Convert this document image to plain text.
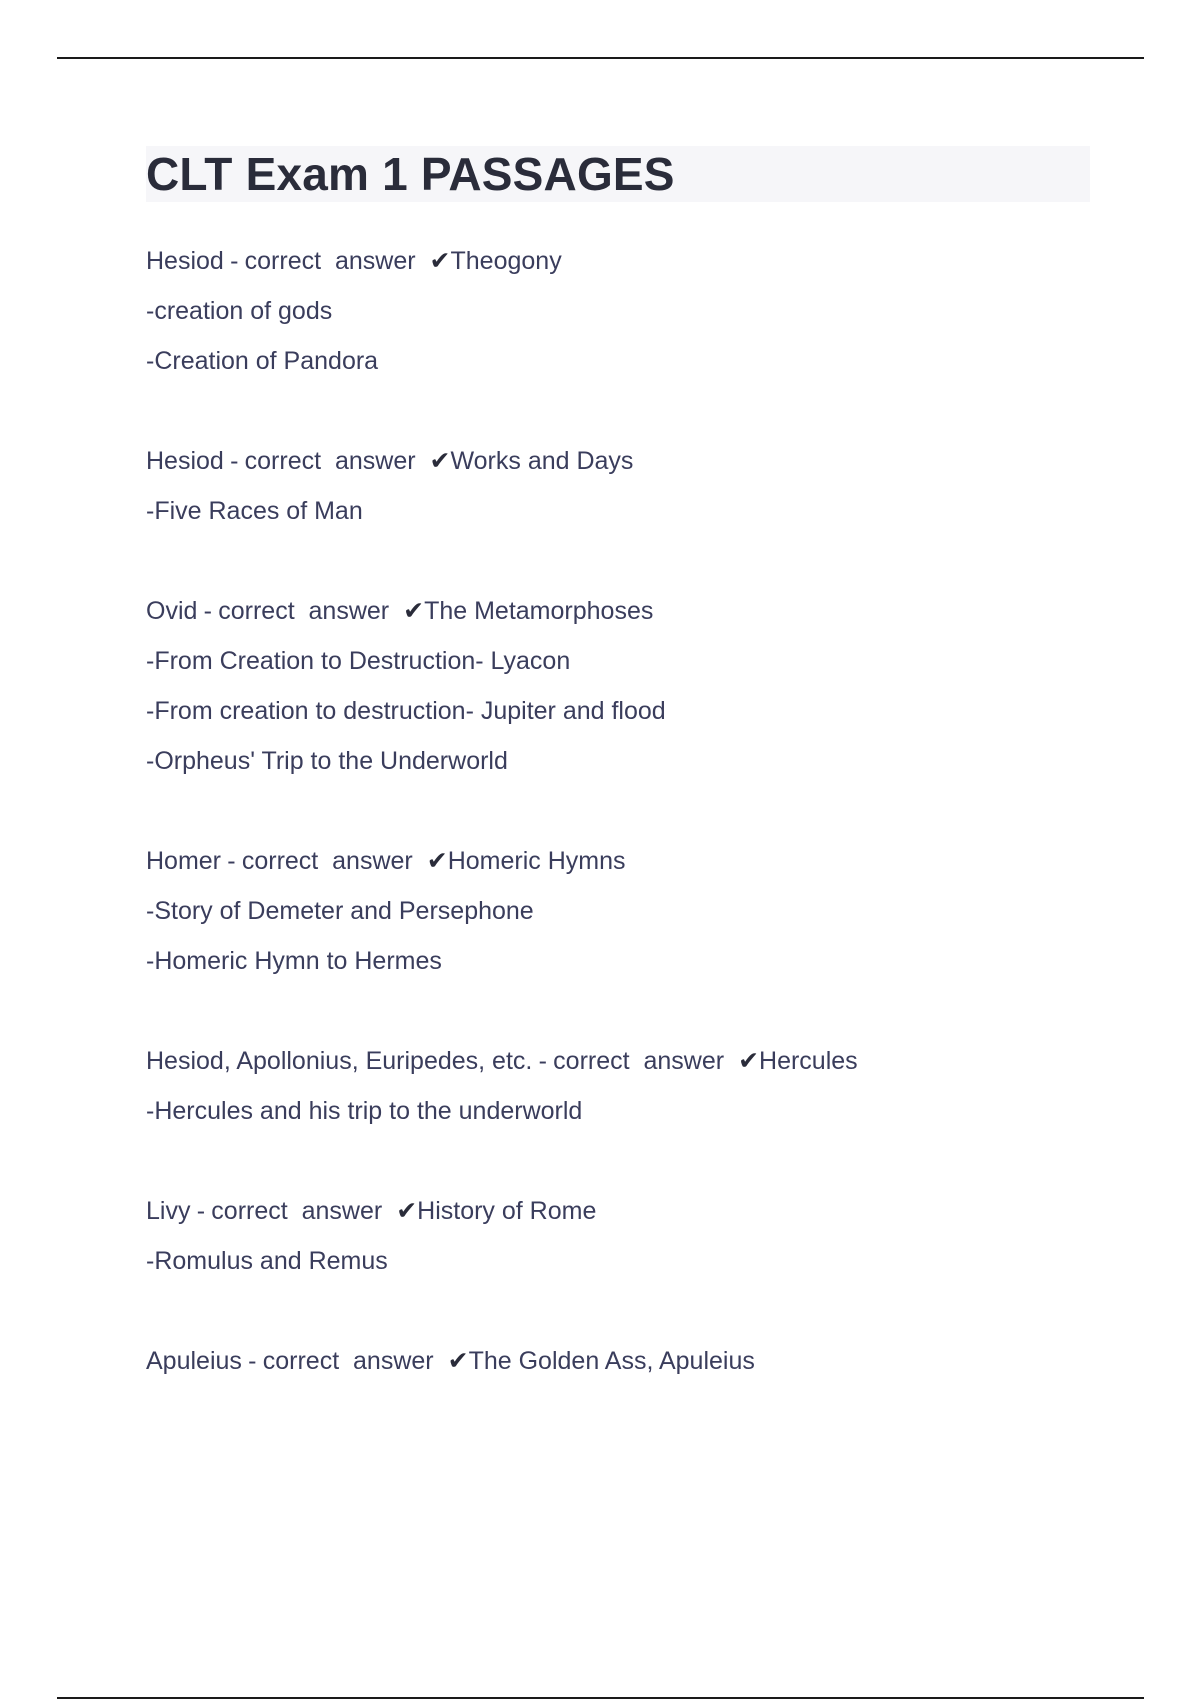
CLT Exam 1 PASSAGES
Hesiod - correct  answer ✔Theogony
-creation of gods
-Creation of Pandora
Hesiod - correct  answer ✔Works and Days
-Five Races of Man
Ovid - correct  answer ✔The Metamorphoses
-From Creation to Destruction- Lyacon
-From creation to destruction- Jupiter and flood
-Orpheus' Trip to the Underworld
Homer - correct  answer ✔Homeric Hymns
-Story of Demeter and Persephone
-Homeric Hymn to Hermes
Hesiod, Apollonius, Euripedes, etc. - correct  answer ✔Hercules
-Hercules and his trip to the underworld
Livy - correct  answer ✔History of Rome
-Romulus and Remus
Apuleius - correct  answer ✔The Golden Ass, Apuleius
